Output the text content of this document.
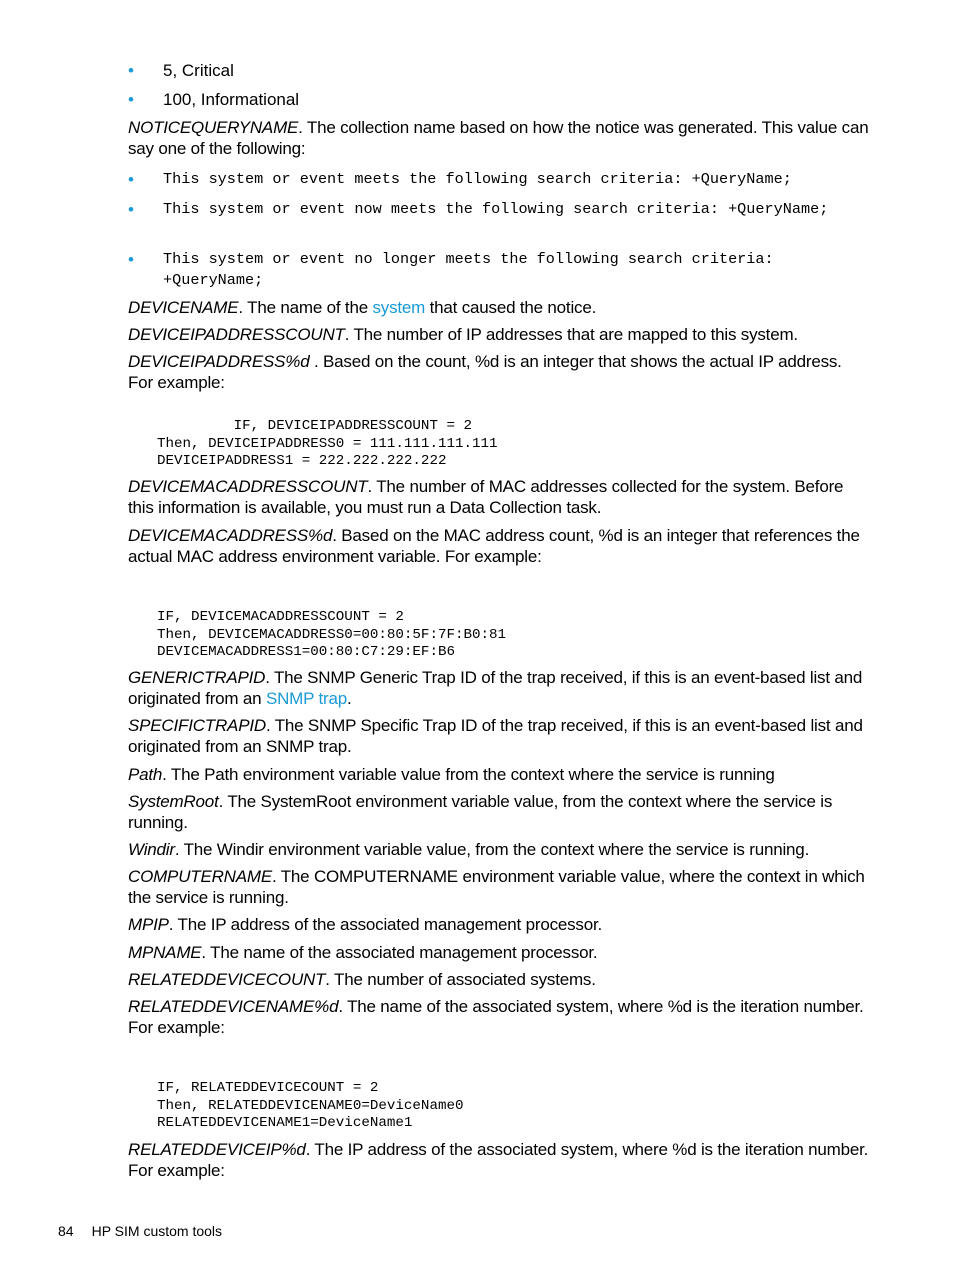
• 5, Critical
• 100, Informational

NOTICEQUERYNAME. The collection name based on how the notice was generated. This value can say one of the following:

• This system or event meets the following search criteria: +QueryName;
• This system or event now meets the following search criteria: +QueryName;
• This system or event no longer meets the following search criteria: +QueryName;

DEVICENAME. The name of the system that caused the notice.

DEVICEIPADDRESSCOUNT. The number of IP addresses that are mapped to this system.

DEVICEIPADDRESS%d . Based on the count, %d is an integer that shows the actual IP address. For example:

IF, DEVICEIPADDRESSCOUNT = 2
Then, DEVICEIPADDRESS0 = 111.111.111.111
DEVICEIPADDRESS1 = 222.222.222.222

DEVICEMACADDRESSCOUNT. The number of MAC addresses collected for the system. Before this information is available, you must run a Data Collection task.

DEVICEMACADDRESS%d. Based on the MAC address count, %d is an integer that references the actual MAC address environment variable. For example:

IF, DEVICEMACADDRESSCOUNT = 2
Then, DEVICEMACADDRESS0=00:80:5F:7F:B0:81
DEVICEMACADDRESS1=00:80:C7:29:EF:B6

GENERICTRAPID. The SNMP Generic Trap ID of the trap received, if this is an event-based list and originated from an SNMP trap.

SPECIFICTRAPID. The SNMP Specific Trap ID of the trap received, if this is an event-based list and originated from an SNMP trap.

Path. The Path environment variable value from the context where the service is running

SystemRoot. The SystemRoot environment variable value, from the context where the service is running.

Windir. The Windir environment variable value, from the context where the service is running.

COMPUTERNAME. The COMPUTERNAME environment variable value, where the context in which the service is running.

MPIP. The IP address of the associated management processor.

MPNAME. The name of the associated management processor.

RELATEDDEVICECOUNT. The number of associated systems.

RELATEDDEVICENAME%d. The name of the associated system, where %d is the iteration number. For example:

IF, RELATEDDEVICECOUNT = 2
Then, RELATEDDEVICENAME0=DeviceName0
RELATEDDEVICENAME1=DeviceName1

RELATEDDEVICEIP%d. The IP address of the associated system, where %d is the iteration number. For example:

84 HP SIM custom tools
